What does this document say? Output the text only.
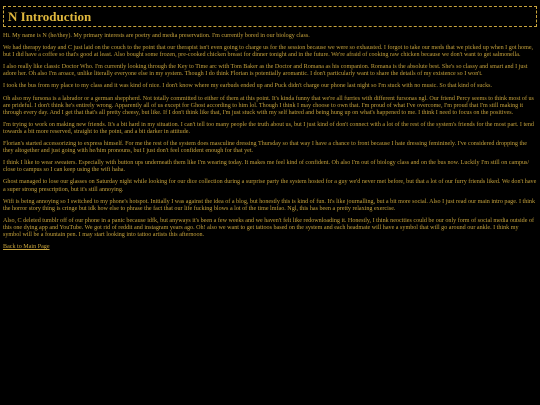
N Introduction

Hi. My name is N (he/they). My primary interests are poetry and media preservation. I'm currently bored in our biology class.

We had therapy today and C just laid on the couch to the point that our therapist isn't even going to charge us for the session because we were so exhausted. I forgot to take our meds that we picked up when I got home, but I did have a coffee so that's good at least. Also bought some frozen, pre-cooked chicken breast for dinner tonight and in the future. We're afraid of cooking raw chicken because we don't want to get salmonella.

I also really like classic Doctor Who. I'm currently looking through the Key to Time arc with Tom Baker as the Doctor and Romana as his companion. Romana is the absolute best. She's so classy and smart and I just adore her. Oh also I'm aroace, unlike literally everyone else in my system. Though I do think Florian is potentially aromantic. I don't particularly want to share the details of my existence so I won't.

I took the bus from my place to my class and it was kind of nice. I don't know where my earbuds ended up and Puck didn't charge our phone last night so I'm stuck with no music. So that kind of sucks.

Oh also my fursona is a labrador or a german sheppherd. Not totally committed to either of them at this point. It's kinda funny that we're all furries with different fursonas ngl. Our friend Percy seems to think most of us are prideful. I don't think he's entirely wrong. Apparently all of us except for Ghost according to him lol. Though I think I may choose to own that. I'm proud of what I've overcome, I'm proud that I'm still making it through every day. And I get that that's all pretty cheesy, but like. If I don't think like that, I'm just stuck with my self hatred and being hung up on what's happened to me. I think I need to focus on the positives.

I'm trying to work on making new friends. It's a bit hard in my situation. I can't tell too many people the truth about us, but I just kind of don't connect with a lot of the rest of the system's friends for the most part. I tend towards a bit more reserved, straight to the point, and a bit darker in attitude.

Florian's started accessorizing to express himself. For me the rest of the system does masculine dressing Thursday so that way I have a chance to front because I hate dressing femininely. I've considered dropping the they altogether and just going with he/him pronouns, but I just don't feel confident enough for that yet.

I think I like to wear sweaters. Especially with button ups underneath them like I'm wearing today. It makes me feel kind of confident. Oh also I'm out of biology class and on the bus now. Luckily I'm still on campus/ close to campus so I can keep using the wifi haha.

Ghost managed to lose our glasses on Saturday night while looking for our dice collection during a surprise party the system hosted for a guy we'd never met before, but that a lot of our furry friends liked. We don't have a super strong prescription, but it's still annoying.

Wifi is being annoying so I switched to my phone's hotspot. Initially I was against the idea of a blog, but honestly this is kind of fun. It's like journalling, but a bit more social. Also I just read our main intro page. I think the horror story thing is cringe but idk how else to phrase the fact that our life fucking blows a lot of the time lmfao. Ngl, this has been a pretty relaxing exercise.

Also, C deleted tumblr off of our phone in a panic because idfk, but anyways it's been a few weeks and we haven't felt like redownloading it. Honestly, I think neocities could be our only form of social media outside of this one dying app and YouTube. We got rid of reddit and instagram years ago. Oh! also we want to get tattoos based on the system and each headmate will have a symbol that will go around our ankle. I think my symbol will be a fountain pen. I may start looking into tattoo artists this afternoon.

Back to Main Page
